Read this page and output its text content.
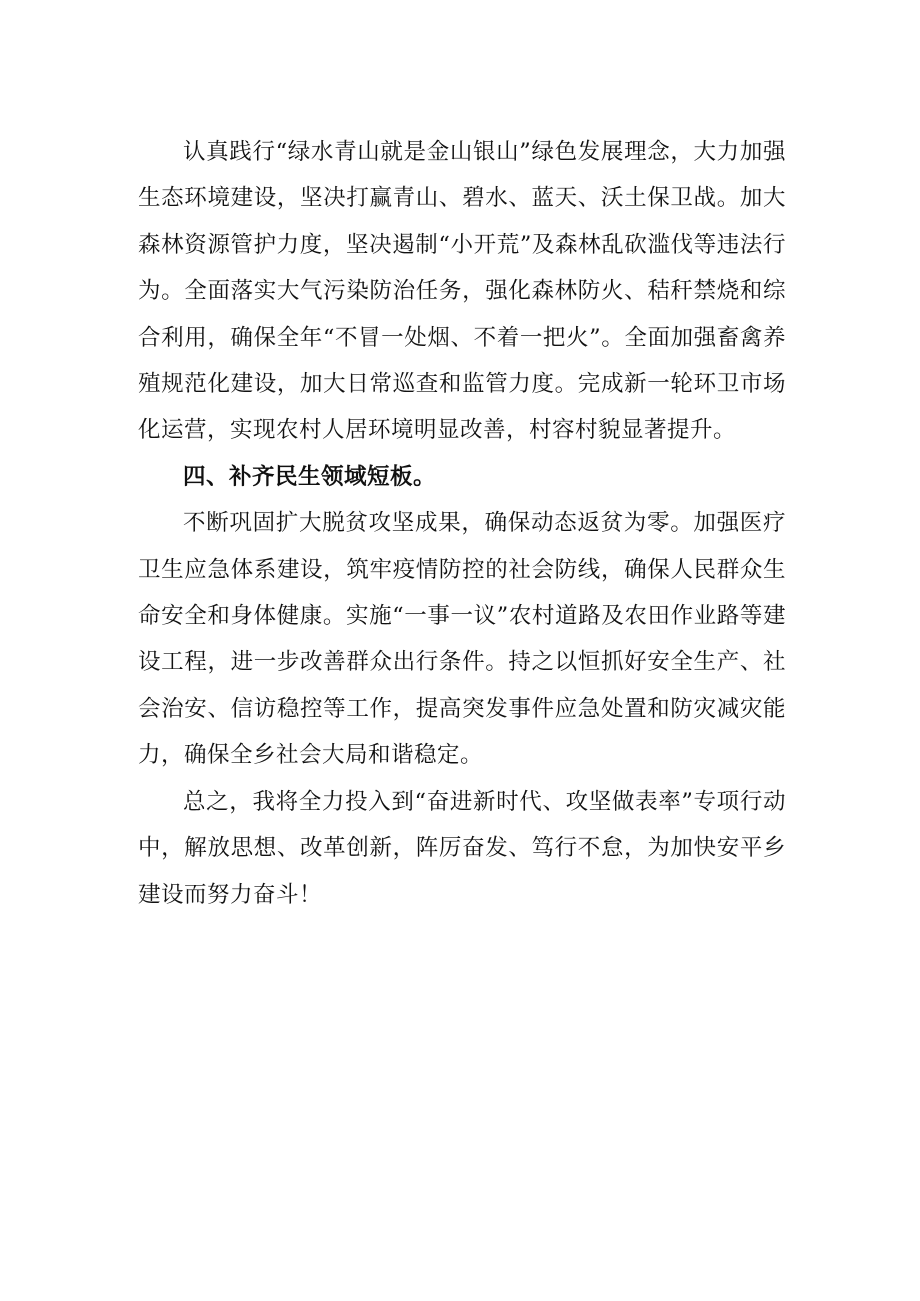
认真践行“绿水青山就是金山银山”绿色发展理念，大力加强生态环境建设，坚决打赢青山、碧水、蓝天、沃土保卫战。加大森林资源管护力度，坚决遏制“小开荒”及森林乱砍滥伐等违法行为。全面落实大气污染防治任务，强化森林防火、秸秆禁烧和综合利用，确保全年“不冒一处烟、不着一把火”。全面加强畜禽养殖规范化建设，加大日常巡查和监管力度。完成新一轮环卫市场化运营，实现农村人居环境明显改善，村容村貌显著提升。

四、补齐民生领域短板。

不断巩固扩大脱贫攻坚成果，确保动态返贫为零。加强医疗卫生应急体系建设，筑牢疫情防控的社会防线，确保人民群众生命安全和身体健康。实施“一事一议”农村道路及农田作业路等建设工程，进一步改善群众出行条件。持之以恒抓好安全生产、社会治安、信访稳控等工作，提高突发事件应急处置和防灾减灾能力，确保全乡社会大局和谐稳定。

总之，我将全力投入到“奋进新时代、攻坚做表率”专项行动中，解放思想、改革创新，阵厉奋发、笃行不怠，为加快安平乡建设而努力奋斗！
